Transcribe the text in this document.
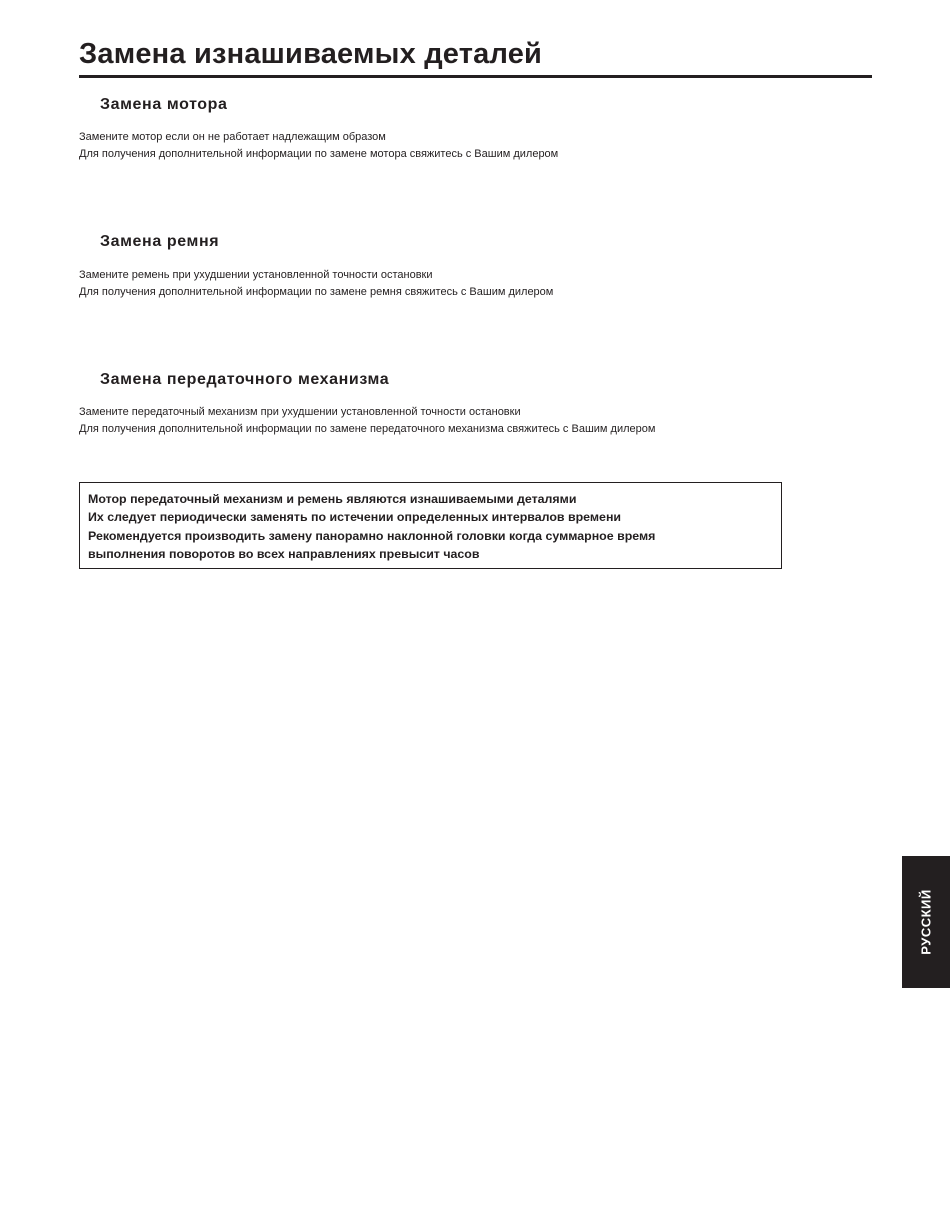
Замена изнашиваемых деталей
Замена мотора
Замените мотор если он не работает надлежащим образом
Для получения дополнительной информации по замене мотора свяжитесь с Вашим дилером
Замена ремня
Замените ремень при ухудшении установленной точности остановки
Для получения дополнительной информации по замене ремня свяжитесь с Вашим дилером
Замена передаточного механизма
Замените передаточный механизм при ухудшении установленной точности остановки
Для получения дополнительной информации по замене передаточного механизма свяжитесь с Вашим дилером
Мотор передаточный механизм и ремень являются изнашиваемыми деталями
Их следует периодически заменять по истечении определенных интервалов времени
Рекомендуется производить замену панорамно наклонной головки когда суммарное время
выполнения поворотов во всех направлениях превысит часов
РУССКИЙ
